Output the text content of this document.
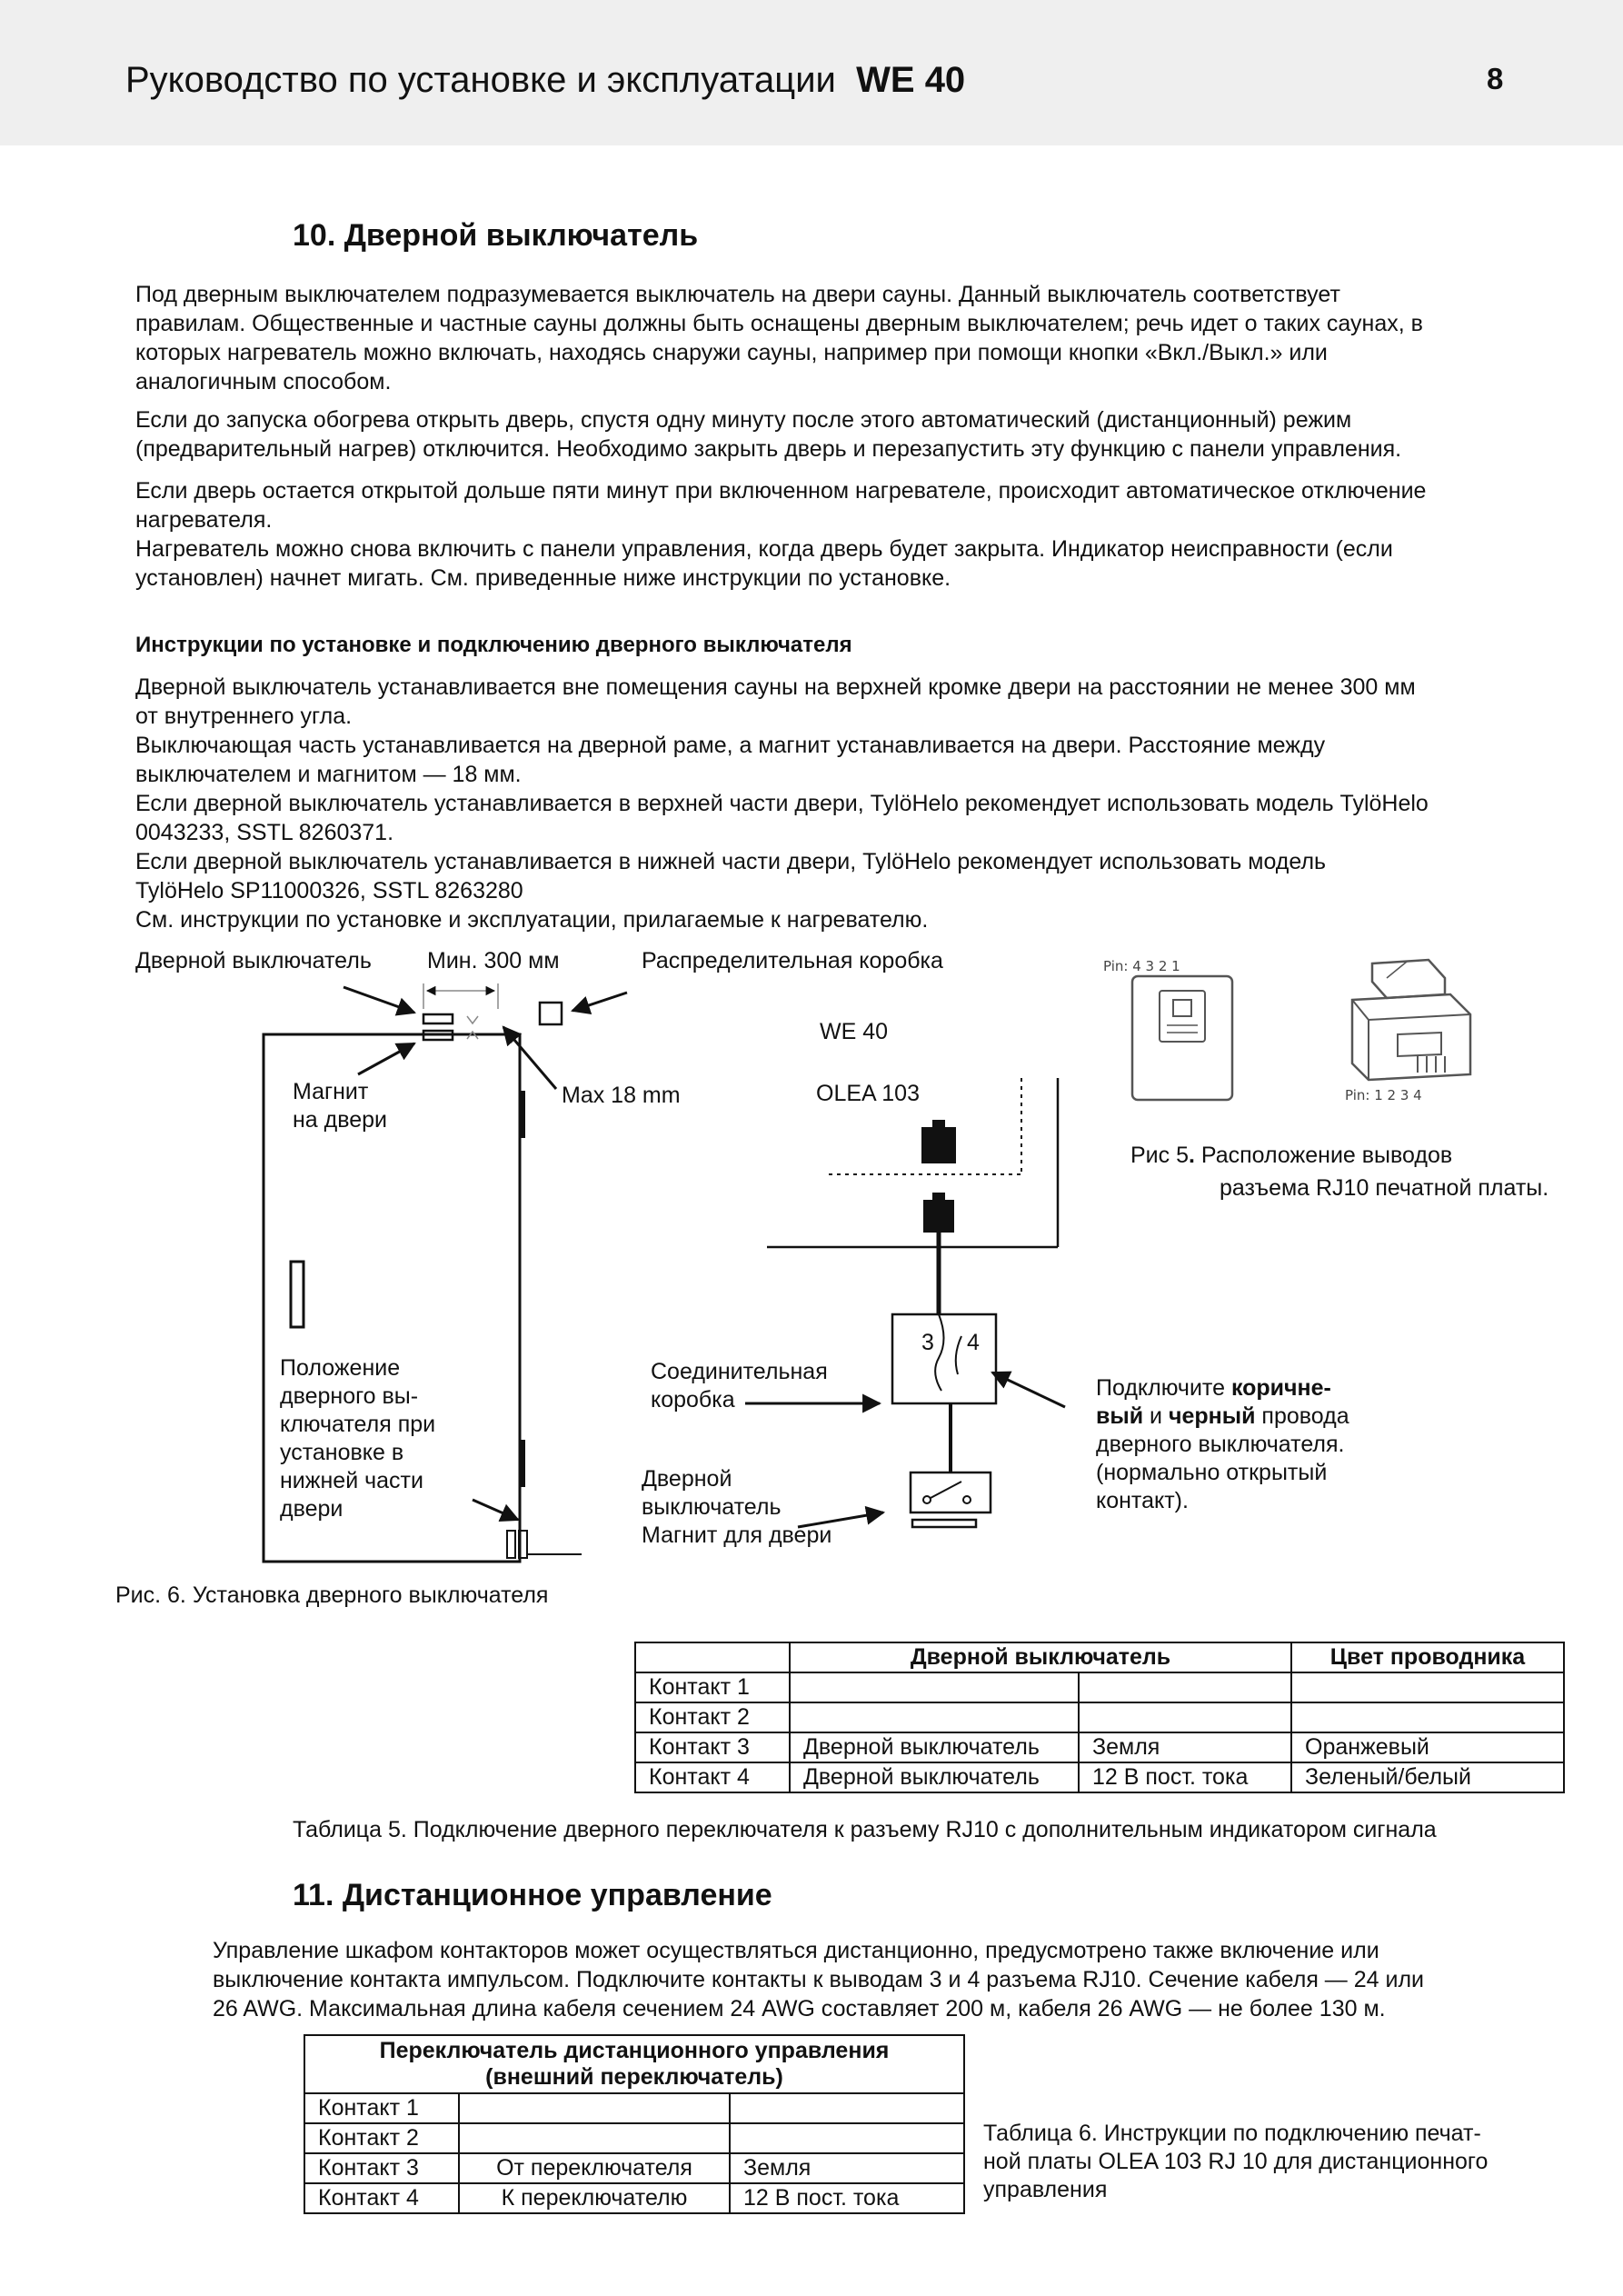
Руководство по установке и эксплуатации WE 40	8
10. Дверной выключатель
Под дверным выключателем подразумевается выключатель на двери сауны. Данный выключатель соответствует
правилам. Общественные и частные сауны должны быть оснащены дверным выключателем; речь идет о таких саунах, в
которых нагреватель можно включать, находясь снаружи сауны, например при помощи кнопки «Вкл./Выкл.» или
аналогичным способом.
Если до запуска обогрева открыть дверь, спустя одну минуту после этого автоматический (дистанционный) режим
(предварительный нагрев) отключится. Необходимо закрыть дверь и перезапустить эту функцию с панели управления.
Если дверь остается открытой дольше пяти минут при включенном нагревателе, происходит автоматическое отключение
нагревателя.
Нагреватель можно снова включить с панели управления, когда дверь будет закрыта. Индикатор неисправности (если
установлен) начнет мигать. См. приведенные ниже инструкции по установке.
Инструкции по установке и подключению дверного выключателя
Дверной выключатель устанавливается вне помещения сауны на верхней кромке двери на расстоянии не менее 300 мм
от внутреннего угла.
Выключающая часть устанавливается на дверной раме, а магнит устанавливается на двери. Расстояние между
выключателем и магнитом — 18 мм.
Если дверной выключатель устанавливается в верхней части двери, TylöHelo рекомендует использовать модель TylöHelo
0043233, SSTL 8260371.
Если дверной выключатель устанавливается в нижней части двери, TylöHelo рекомендует использовать модель
TylöHelo SP11000326, SSTL 8263280
См. инструкции по установке и эксплуатации, прилагаемые к нагревателю.
Дверной выключатель Мин. 300 мм	Распределительная коробка
Магнит
на двери
Max 18 mm
Положение
дверного вы-
ключателя при
установке в
нижней части
двери
WE 40
OLEA 103
Соединительная
коробка
3 4
Дверной
выключатель
Магнит для двери
Подключите коричне-
вый и черный провода
дверного выключателя.
(нормально открытый
контакт).
Рис. 6. Установка дверного выключателя
Pin: 4 3 2 1
Pin: 1 2 3 4
Рис 5. Расположение выводов
разъема RJ10 печатной платы.
	Дверной выключатель		Цвет проводника
Контакт 1			
Контакт 2			
Контакт 3	Дверной выключатель	Земля	Оранжевый
Контакт 4	Дверной выключатель	12 В пост. тока	Зеленый/белый
Таблица 5. Подключение дверного переключателя к разъему RJ10 с дополнительным индикатором сигнала
11. Дистанционное управление
Управление шкафом контакторов может осуществляться дистанционно, предусмотрено также включение или
выключение контакта импульсом. Подключите контакты к выводам 3 и 4 разъема RJ10. Сечение кабеля — 24 или
26 AWG. Максимальная длина кабеля сечением 24 AWG составляет 200 м, кабеля 26 AWG — не более 130 м.
Переключатель дистанционного управления
(внешний переключатель)		

Контакт 1		
Контакт 2		
Контакт 3	От переключателя	Земля
Контакт 4	К переключателю	12 В пост. тока
Таблица 6. Инструкции по подключению печат-
ной платы OLEA 103 RJ 10 для дистанционного
управления
